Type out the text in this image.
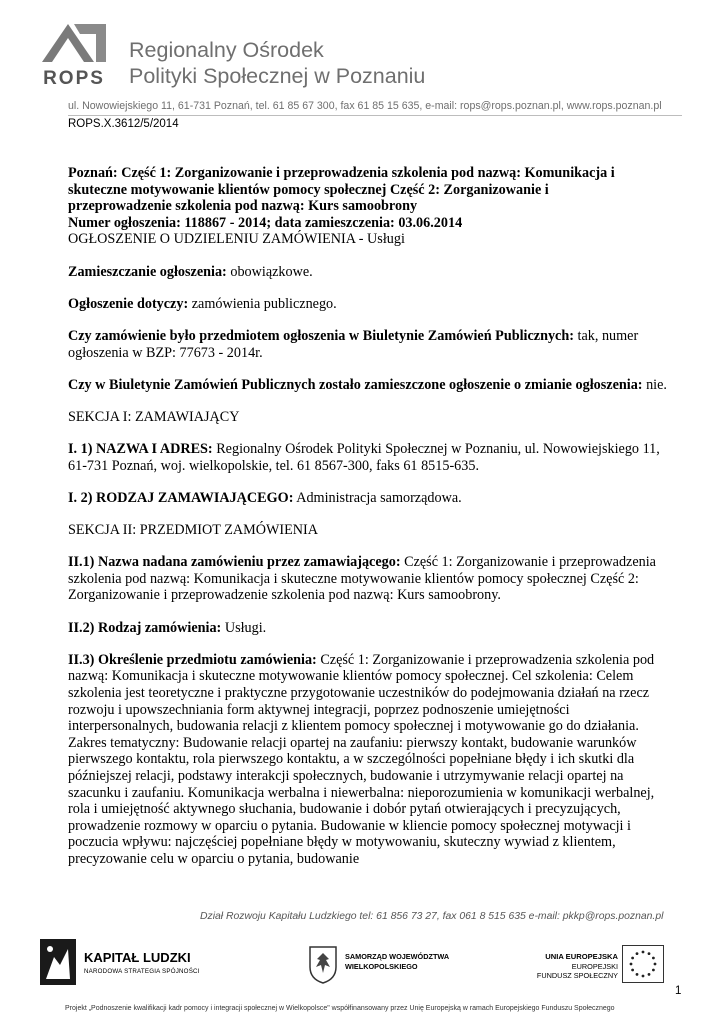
ROPS
Regionalny Ośrodek
Polityki Społecznej w Poznaniu
ul. Nowowiejskiego 11, 61-731 Poznań, tel. 61 85 67 300, fax 61 85 15 635, e-mail: rops@rops.poznan.pl, www.rops.poznan.pl
ROPS.X.3612/5/2014

Poznań: Część 1: Zorganizowanie i przeprowadzenia szkolenia pod nazwą: Komunikacja i
skuteczne motywowanie klientów pomocy społecznej Część 2: Zorganizowanie i
przeprowadzenie szkolenia pod nazwą: Kurs samoobrony
Numer ogłoszenia: 118867 - 2014; data zamieszczenia: 03.06.2014

OGŁOSZENIE O UDZIELENIU ZAMÓWIENIA - Usługi

Zamieszczanie ogłoszenia: obowiązkowe.

Ogłoszenie dotyczy: zamówienia publicznego.

Czy zamówienie było przedmiotem ogłoszenia w Biuletynie Zamówień Publicznych: tak, numer ogłoszenia w BZP: 77673 - 2014r.

Czy w Biuletynie Zamówień Publicznych zostało zamieszczone ogłoszenie o zmianie ogłoszenia: nie.

SEKCJA I: ZAMAWIAJĄCY

I. 1) NAZWA I ADRES: Regionalny Ośrodek Polityki Społecznej w Poznaniu, ul. Nowowiejskiego 11, 61-731 Poznań, woj. wielkopolskie, tel. 61 8567-300, faks 61 8515-635.

I. 2) RODZAJ ZAMAWIAJĄCEGO: Administracja samorządowa.

SEKCJA II: PRZEDMIOT ZAMÓWIENIA

II.1) Nazwa nadana zamówieniu przez zamawiającego: Część 1: Zorganizowanie i przeprowadzenia szkolenia pod nazwą: Komunikacja i skuteczne motywowanie klientów pomocy społecznej Część 2: Zorganizowanie i przeprowadzenie szkolenia pod nazwą: Kurs samoobrony.

II.2) Rodzaj zamówienia: Usługi.

II.3) Określenie przedmiotu zamówienia: Część 1: Zorganizowanie i przeprowadzenia szkolenia pod nazwą: Komunikacja i skuteczne motywowanie klientów pomocy społecznej. Cel szkolenia: Celem szkolenia jest teoretyczne i praktyczne przygotowanie uczestników do podejmowania działań na rzecz rozwoju i upowszechniania form aktywnej integracji, poprzez podnoszenie umiejętności interpersonalnych, budowania relacji z klientem pomocy społecznej i motywowanie go do działania. Zakres tematyczny: Budowanie relacji opartej na zaufaniu: pierwszy kontakt, budowanie warunków pierwszego kontaktu, rola pierwszego kontaktu, a w szczególności popełniane błędy i ich skutki dla późniejszej relacji, podstawy interakcji społecznych, budowanie i utrzymywanie relacji opartej na szacunku i zaufaniu. Komunikacja werbalna i niewerbalna: nieporozumienia w komunikacji werbalnej, rola i umiejętność aktywnego słuchania, budowanie i dobór pytań otwierających i precyzujących, prowadzenie rozmowy w oparciu o pytania. Budowanie w kliencie pomocy społecznej motywacji i poczucia wpływu: najczęściej popełniane błędy w motywowaniu, skuteczny wywiad z klientem, precyzowanie celu w oparciu o pytania, budowanie

Dział Rozwoju Kapitału Ludzkiego tel: 61 856 73 27, fax 061 8 515 635 e-mail: pkkp@rops.poznan.pl
KAPITAŁ LUDZKI
NARODOWA STRATEGIA SPÓJNOŚCI
SAMORZĄD WOJEWÓDZTWA
WIELKOPOLSKIEGO
UNIA EUROPEJSKA
EUROPEJSKI
FUNDUSZ SPOŁECZNY
1
Projekt „Podnoszenie kwalifikacji kadr pomocy i integracji społecznej w Wielkopolsce" współfinansowany przez Unię Europejską w ramach Europejskiego Funduszu Społecznego
